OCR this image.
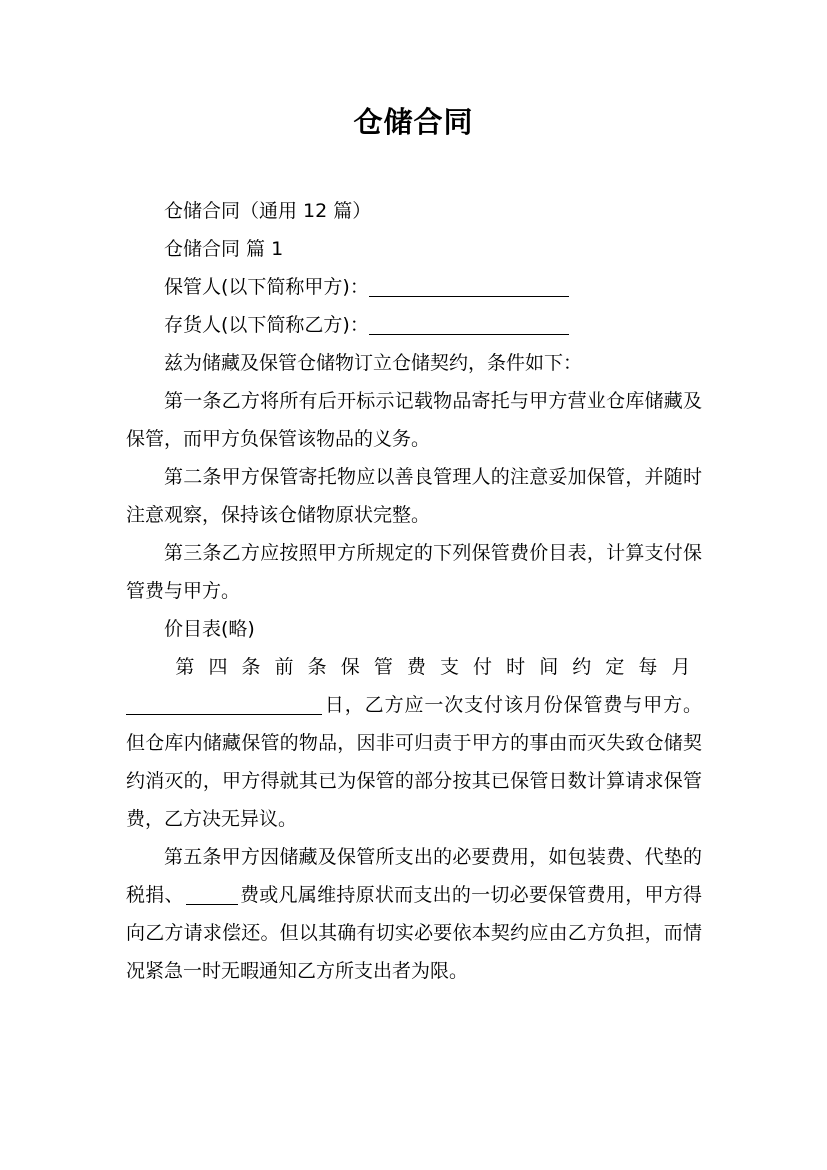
仓储合同

仓储合同（通用 12 篇）

仓储合同 篇 1

保管人(以下简称甲方)：

存货人(以下简称乙方)：

兹为储藏及保管仓储物订立仓储契约，条件如下：

第一条乙方将所有后开标示记载物品寄托与甲方营业仓库储藏及保管，而甲方负保管该物品的义务。

第二条甲方保管寄托物应以善良管理人的注意妥加保管，并随时注意观察，保持该仓储物原状完整。

第三条乙方应按照甲方所规定的下列保管费价目表，计算支付保管费与甲方。

价目表(略)

第四条前条保管费支付时间约定每月

日，乙方应一次支付该月份保管费与甲方。但仓库内储藏保管的物品，因非可归责于甲方的事由而灭失致仓储契约消灭的，甲方得就其已为保管的部分按其已保管日数计算请求保管费，乙方决无异议。

第五条甲方因储藏及保管所支出的必要费用，如包装费、代垫的税捐、	费或凡属维持原状而支出的一切必要保管费用，甲方得向乙方请求偿还。但以其确有切实必要依本契约应由乙方负担，而情况紧急一时无暇通知乙方所支出者为限。
